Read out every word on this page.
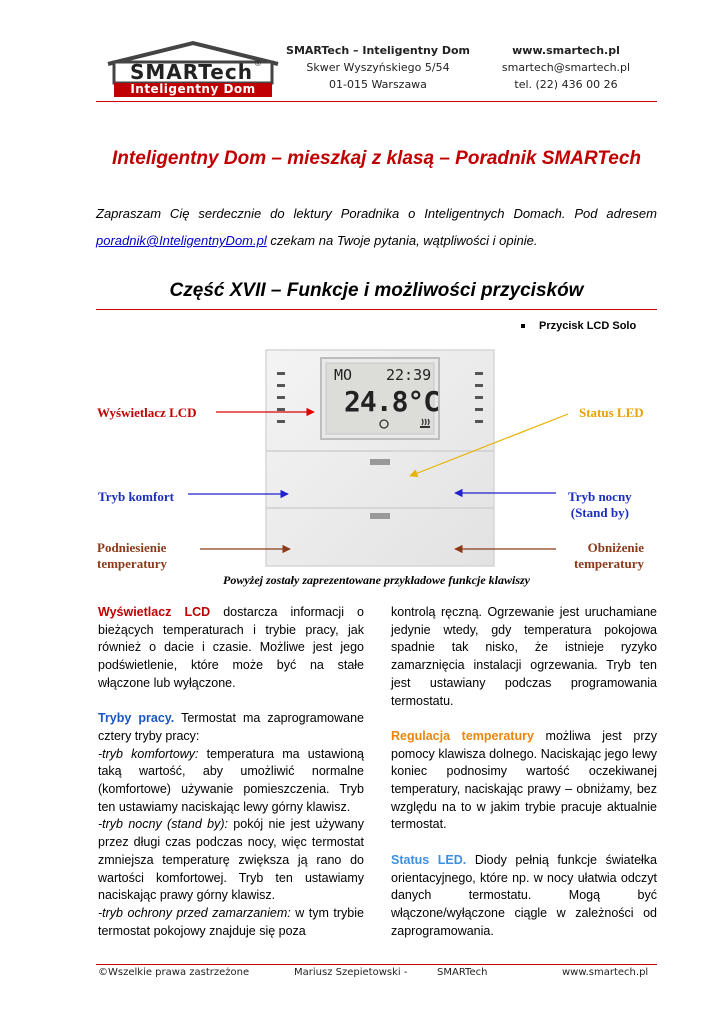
SMARTech ®
Inteligentny Dom
SMARTech – Inteligentny Dom
Skwer Wyszyńskiego 5/54
01-015 Warszawa
www.smartech.pl
smartech@smartech.pl
tel. (22) 436 00 26
Inteligentny Dom – mieszkaj z klasą – Poradnik SMARTech
Zapraszam Cię serdecznie do lektury Poradnika o Inteligentnych Domach. Pod adresem poradnik@InteligentnyDom.pl czekam na Twoje pytania, wątpliwości i opinie.
Część XVII – Funkcje i możliwości przycisków
Przycisk LCD Solo
MO 22:39
24.8°C
Wyświetlacz LCD	Status LED
Tryb komfort	Tryb nocny
(Stand by)
Podniesienie
temperatury
Obniżenie
temperatury
Powyżej zostały zaprezentowane przykładowe funkcje klawiszy

Wyświetlacz LCD dostarcza informacji o bieżących temperaturach i trybie pracy, jak również o dacie i czasie. Możliwe jest jego podświetlenie, które może być na stałe włączone lub wyłączone.

Tryby pracy. Termostat ma zaprogramowane cztery tryby pracy:
-tryb komfortowy: temperatura ma ustawioną taką wartość, aby umożliwić normalne (komfortowe) używanie pomieszczenia. Tryb ten ustawiamy naciskając lewy górny klawisz.
-tryb nocny (stand by): pokój nie jest używany przez długi czas podczas nocy, więc termostat zmniejsza temperaturę zwiększa ją rano do wartości komfortowej. Tryb ten ustawiamy naciskając prawy górny klawisz.
-tryb ochrony przed zamarzaniem: w tym trybie termostat pokojowy znajduje się poza

kontrolą ręczną. Ogrzewanie jest uruchamiane jedynie wtedy, gdy temperatura pokojowa spadnie tak nisko, że istnieje ryzyko zamarznięcia instalacji ogrzewania. Tryb ten jest ustawiany podczas programowania termostatu.

Regulacja temperatury możliwa jest przy pomocy klawisza dolnego. Naciskając jego lewy koniec podnosimy wartość oczekiwanej temperatury, naciskając prawy – obniżamy, bez względu na to w jakim trybie pracuje aktualnie termostat.

Status LED. Diody pełnią funkcje światełka orientacyjnego, które np. w nocy ułatwia odczyt danych termostatu. Mogą być włączone/wyłączone ciągle w zależności od zaprogramowania.

©Wszelkie prawa zastrzeżone	Mariusz Szepietowski -	SMARTech	www.smartech.pl
